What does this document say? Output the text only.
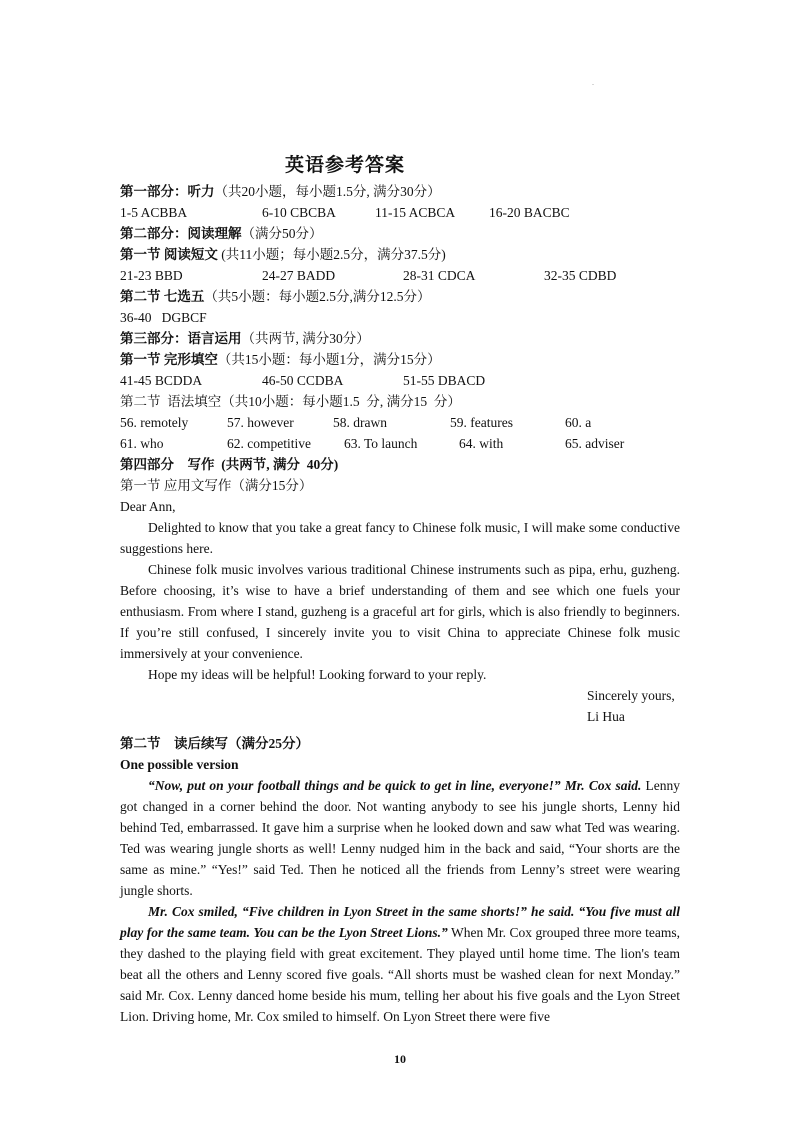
.
英语参考答案
第一部分：听力（共20小题，每小题1.5分, 满分30分）
1-5 ACBBA	6-10 CBCBA	11-15 ACBCA	16-20 BACBC
第二部分：阅读理解（满分50分）
第一节 阅读短文 (共11小题；每小题2.5分，满分37.5分)
21-23 BBD	24-27 BADD	28-31 CDCA	32-35 CDBD
第二节 七选五（共5小题：每小题2.5分,满分12.5分）
36-40   DGBCF
第三部分：语言运用（共两节, 满分30分）
第一节 完形填空（共15小题：每小题1分，满分15分）
41-45 BCDDA	46-50 CCDBA	51-55 DBACD
第二节  语法填空（共10小题：每小题1.5  分, 满分15  分）
56. remotely	57. however	58. drawn	59. features	60. a
61. who	62. competitive	63. To launch	64. with	65. adviser
第四部分    写作  (共两节, 满分  40分)
第一节 应用文写作（满分15分）
Dear Ann,

Delighted to know that you take a great fancy to Chinese folk music, I will make some conductive suggestions here.

Chinese folk music involves various traditional Chinese instruments such as pipa, erhu, guzheng. Before choosing, it’s wise to have a brief understanding of them and see which one fuels your enthusiasm. From where I stand, guzheng is a graceful art for girls, which is also friendly to beginners. If you’re still confused, I sincerely invite you to visit China to appreciate Chinese folk music immersively at your convenience.

Hope my ideas will be helpful! Looking forward to your reply.

Sincerely yours,
Li Hua
第二节    读后续写（满分25分）
One possible version

“Now, put on your football things and be quick to get in line, everyone!” Mr. Cox said. Lenny got changed in a corner behind the door. Not wanting anybody to see his jungle shorts, Lenny hid behind Ted, embarrassed. It gave him a surprise when he looked down and saw what Ted was wearing. Ted was wearing jungle shorts as well! Lenny nudged him in the back and said, “Your shorts are the same as mine.” “Yes!” said Ted. Then he noticed all the friends from Lenny’s street were wearing jungle shorts.

Mr. Cox smiled, “Five children in Lyon Street in the same shorts!” he said. “You five must all play for the same team. You can be the Lyon Street Lions.” When Mr. Cox grouped three more teams, they dashed to the playing field with great excitement. They played until home time. The lion's team beat all the others and Lenny scored five goals. “All shorts must be washed clean for next Monday.” said Mr. Cox. Lenny danced home beside his mum, telling her about his five goals and the Lyon Street Lion. Driving home, Mr. Cox smiled to himself. On Lyon Street there were five

10
